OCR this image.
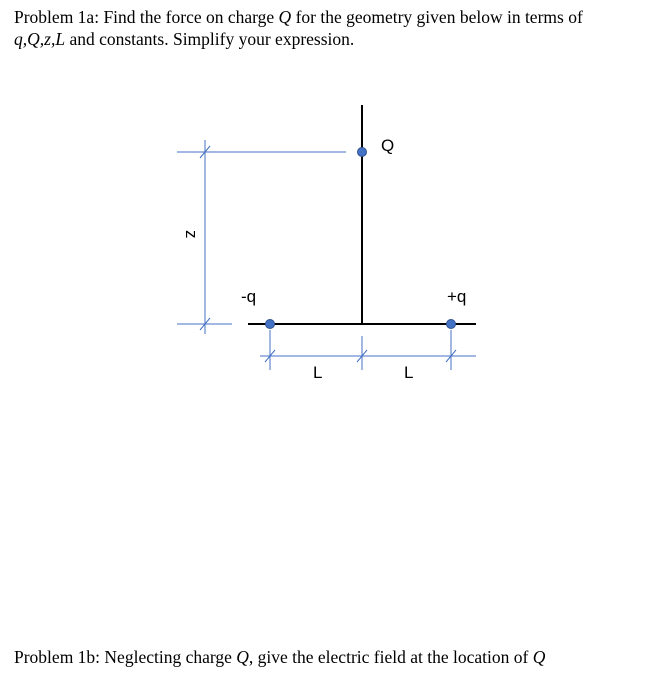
Problem 1a: Find the force on charge Q for the geometry given below in terms of
q,Q,z,L and constants. Simplify your expression.

Q
-q	+q
z
L	L

Problem 1b: Neglecting charge Q, give the electric field at the location of Q
